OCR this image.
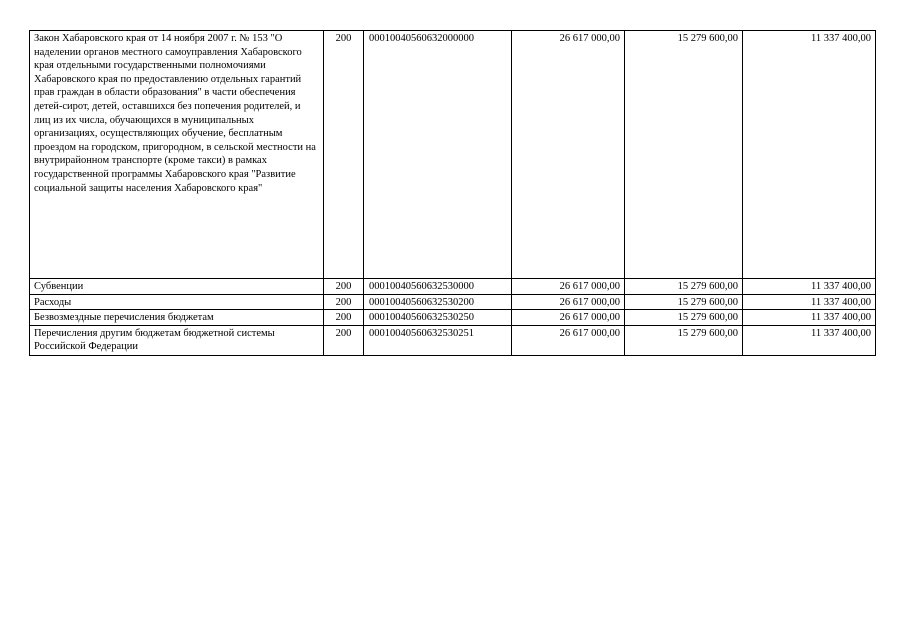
Закон Хабаровского края от 14 ноября 2007 г. № 153 "О наделении органов местного самоуправления Хабаровского края отдельными государственными полномочиями Хабаровского края по предоставлению отдельных гарантий прав граждан в области образования" в части обеспечения детей-сирот, детей, оставшихся без попечения родителей, и лиц из их числа, обучающихся в муниципальных организациях, осуществляющих обучение, бесплатным проездом на городском, пригородном, в сельской местности на внутрирайонном транспорте (кроме такси) в рамках государственной программы Хабаровского края "Развитие социальной защиты населения Хабаровского края"	200	00010040560632000000	26 617 000,00	15 279 600,00	11 337 400,00
Субвенции	200	00010040560632530000	26 617 000,00	15 279 600,00	11 337 400,00
Расходы	200	00010040560632530200	26 617 000,00	15 279 600,00	11 337 400,00
Безвозмездные перечисления бюджетам	200	00010040560632530250	26 617 000,00	15 279 600,00	11 337 400,00
Перечисления другим бюджетам бюджетной системы Российской Федерации	200	00010040560632530251	26 617 000,00	15 279 600,00	11 337 400,00
